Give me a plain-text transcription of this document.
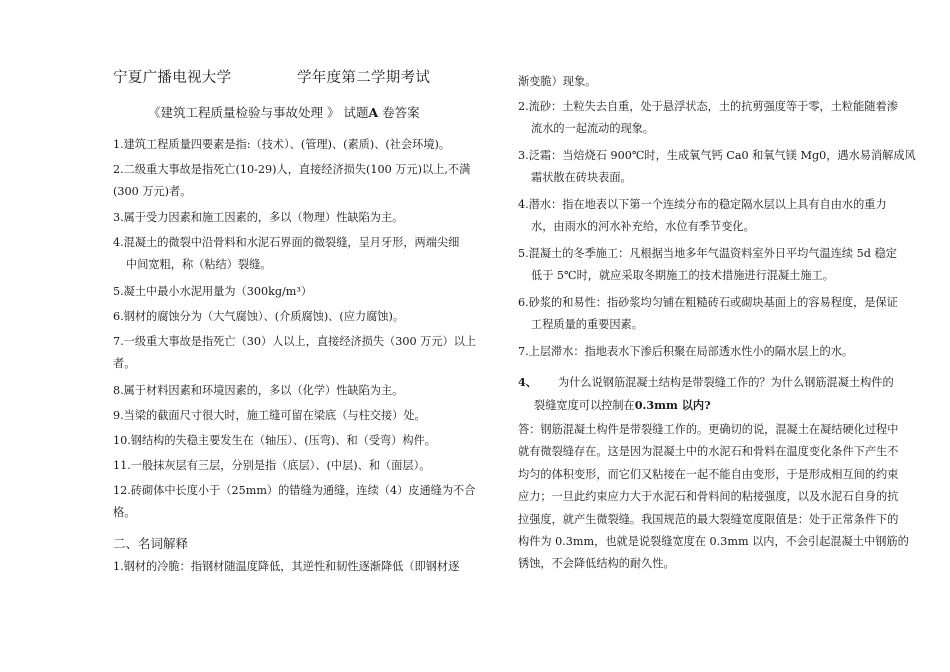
宁夏广播电视大学	学年度第二学期考试
《建筑工程质量检验与事故处理 》 试题A 卷答案
1.建筑工程质量四要素是指:（技术）、(管理)、(素质)、(社会环境)。
2.二级重大事故是指死亡(10-29)人，直接经济损失(100 万元)以上,不满
(300 万元)者。
3.属于受力因素和施工因素的，多以（物理）性缺陷为主。
4.混凝土的微裂中沿骨料和水泥石界面的微裂缝，呈月牙形，两端尖细
中间宽粗，称（粘结）裂缝。
5.凝土中最小水泥用量为（300kg/m³）
6.钢材的腐蚀分为（大气腐蚀）、(介质腐蚀)、(应力腐蚀)。
7.一级重大事故是指死亡（30）人以上，直接经济损失（300 万元）以上
者。
8.属于材料因素和环境因素的，多以（化学）性缺陷为主。
9.当梁的截面尺寸很大时，施工缝可留在梁底（与柱交接）处。
10.钢结构的失稳主要发生在（轴压）、(压弯)、和（受弯）构件。
11.一般抹灰层有三层，分别是指（底层）、(中层)、和（面层）。
12.砖砌体中长度小于（25mm）的错缝为通缝，连续（4）皮通缝为不合
格。
二、名词解释
1.钢材的冷脆：指钢材随温度降低，其逆性和韧性逐渐降低（即钢材逐
渐变脆）现象。
2.流砂：土粒失去自重，处于悬浮状态，土的抗剪强度等于零，土粒能随着渗
流水的一起流动的现象。
3.泛霜：当焙烧石 900℃时，生成氧气钙 Ca0 和氧气镁 Mg0，遇水易消解成风
霜状散在砖块表面。
4.潜水：指在地表以下第一个连续分布的稳定隔水层以上具有自由水的重力
水，由雨水的河水补充给，水位有季节变化。
5.混凝土的冬季施工：凡根据当地多年气温资料室外日平均气温连续 5d 稳定
低于 5℃时，就应采取冬期施工的技术措施进行混凝土施工。
6.砂浆的和易性：指砂浆均匀铺在粗糙砖石或砌块基面上的容易程度，是保证
工程质量的重要因素。
7.上层滞水：指地表水下渗后积聚在局部透水性小的隔水层上的水。
4、 为什么说钢筋混凝土结构是带裂缝工作的？为什么钢筋混凝土构件的
裂缝宽度可以控制在0.3mm 以内?
答：钢筋混凝土构件是带裂缝工作的。更确切的说，混凝土在凝结硬化过程中
就有微裂缝存在。这是因为混凝土中的水泥石和骨料在温度变化条件下产生不
均匀的体积变形，而它们又粘接在一起不能自由变形，于是形成相互间的约束
应力；一旦此约束应力大于水泥石和骨料间的粘接强度，以及水泥石自身的抗
拉强度，就产生微裂缝。我国规范的最大裂缝宽度限值是：处于正常条件下的
构件为 0.3mm，也就是说裂缝宽度在 0.3mm 以内，不会引起混凝土中钢筋的
锈蚀，不会降低结构的耐久性。
